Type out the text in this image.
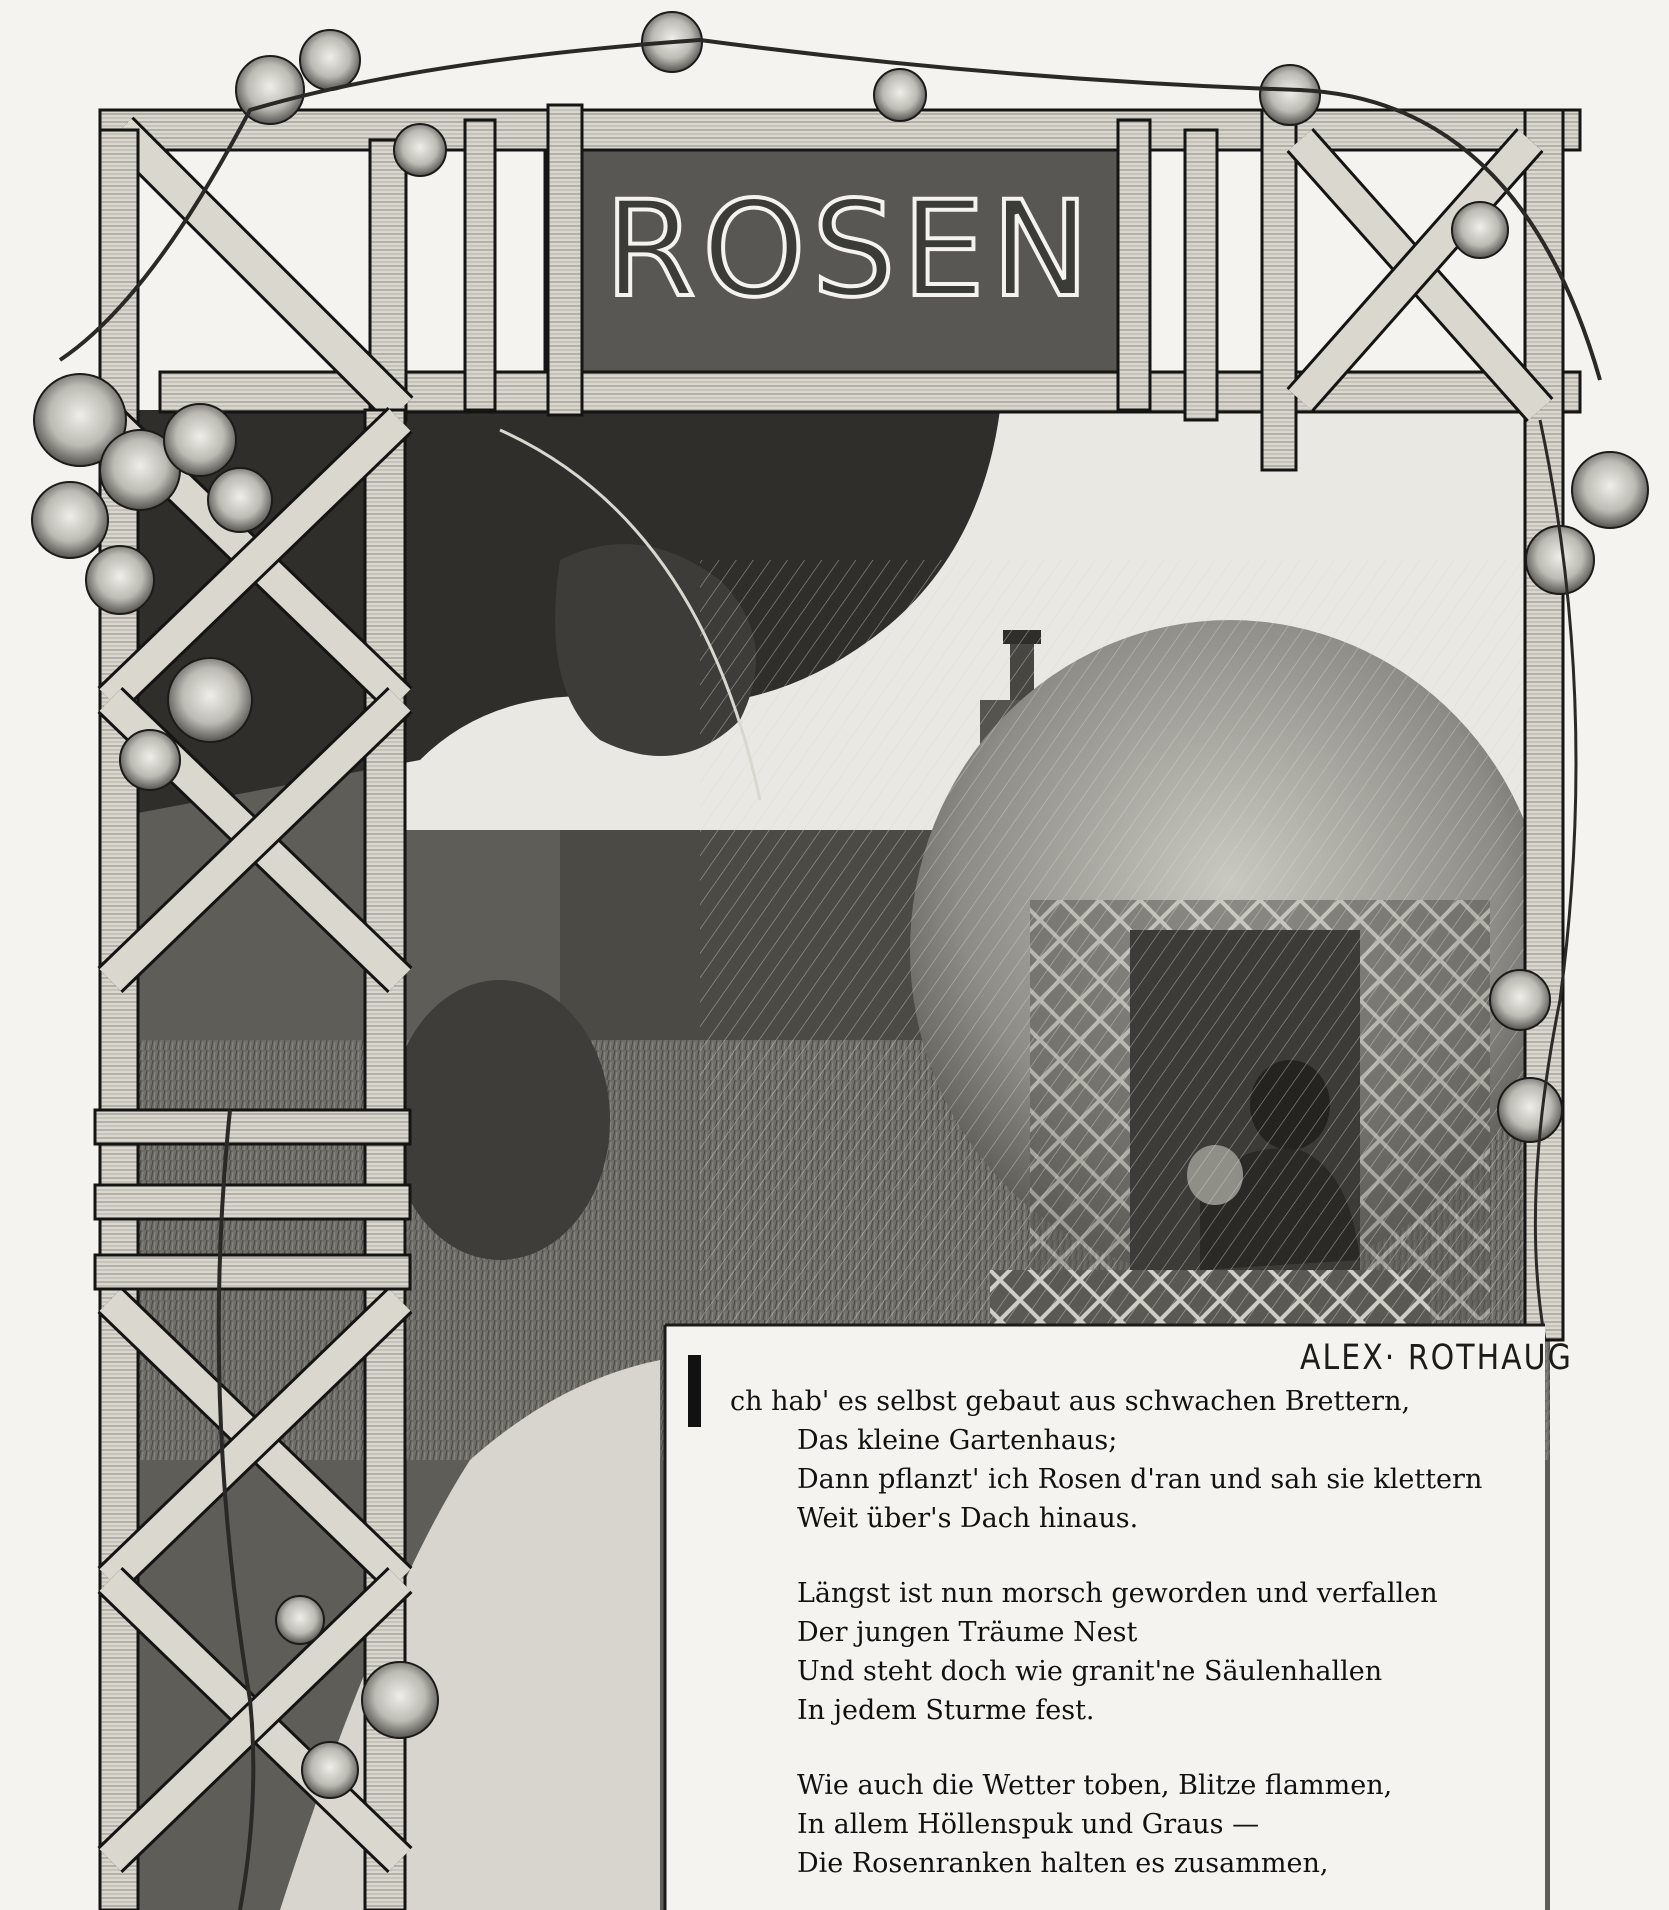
ROSEN
ALEX· ROTHAUG
ch hab' es selbst gebaut aus schwachen Brettern,
Das kleine Gartenhaus;
Dann pflanzt' ich Rosen d'ran und sah sie klettern
Weit über's Dach hinaus.
Längst ist nun morsch geworden und verfallen
Der jungen Träume Nest
Und steht doch wie granit'ne Säulenhallen
In jedem Sturme fest.
Wie auch die Wetter toben, Blitze flammen,
In allem Höllenspuk und Graus —
Die Rosenranken halten es zusammen,
